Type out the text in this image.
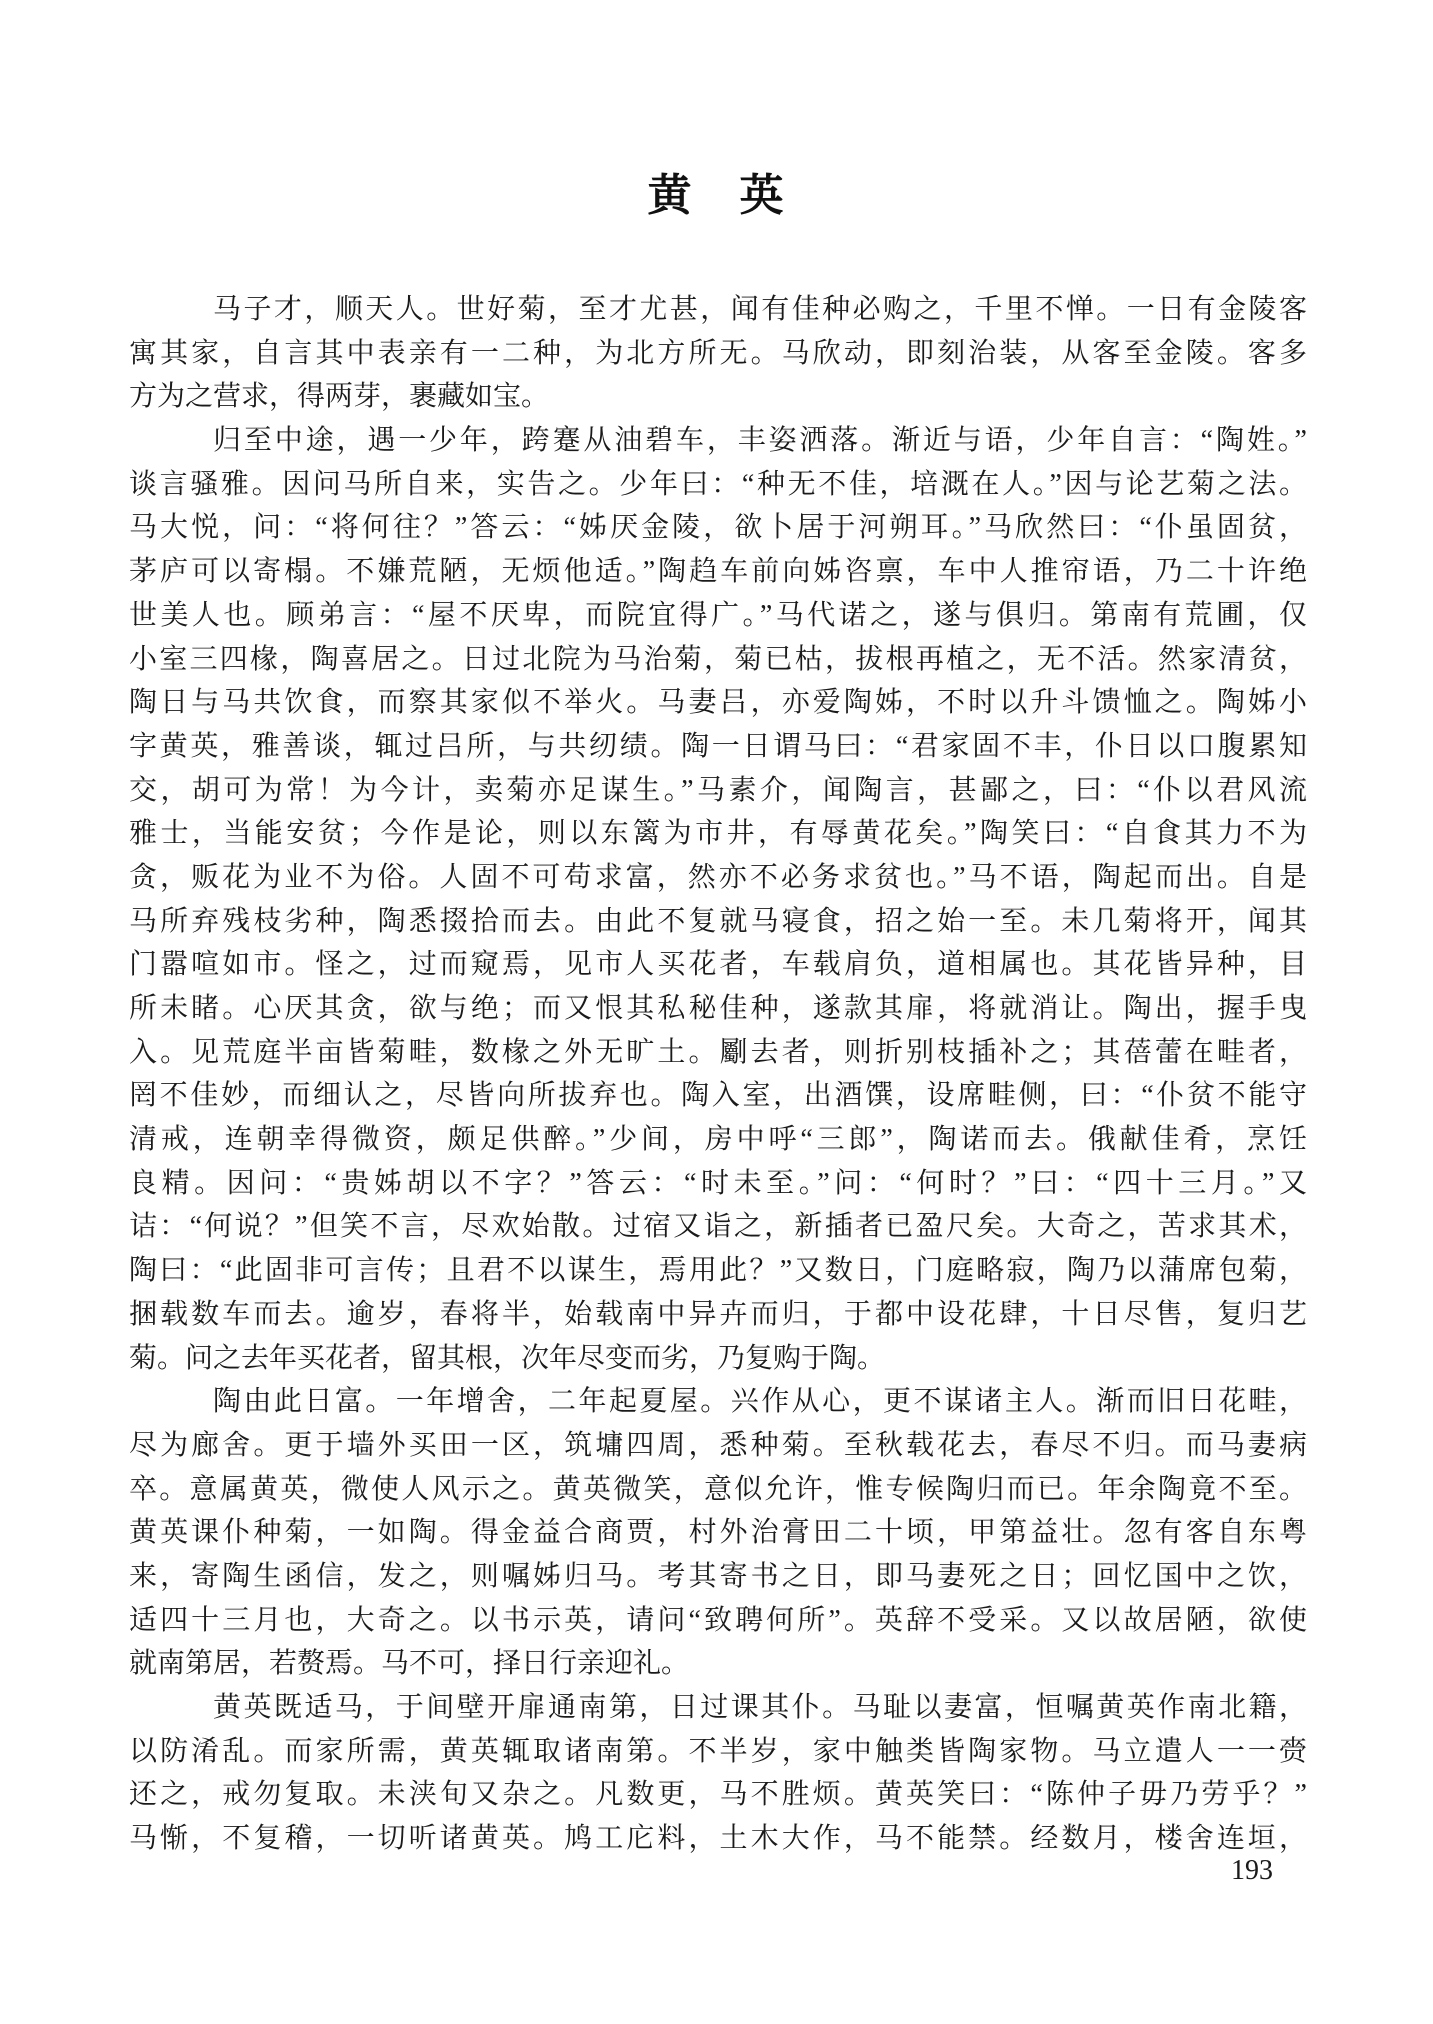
黄　英
马子才，顺天人。世好菊，至才尤甚，闻有佳种必购之，千里不惮。一日有金陵客
寓其家，自言其中表亲有一二种，为北方所无。马欣动，即刻治装，从客至金陵。客多
方为之营求，得两芽，裹藏如宝。
归至中途，遇一少年，跨蹇从油碧车，丰姿洒落。渐近与语，少年自言：“陶姓。”
谈言骚雅。因问马所自来，实告之。少年曰：“种无不佳，培溉在人。”因与论艺菊之法。
马大悦，问：“将何往？”答云：“姊厌金陵，欲卜居于河朔耳。”马欣然曰：“仆虽固贫，
茅庐可以寄榻。不嫌荒陋，无烦他适。”陶趋车前向姊咨禀，车中人推帘语，乃二十许绝
世美人也。顾弟言：“屋不厌卑，而院宜得广。”马代诺之，遂与俱归。第南有荒圃，仅
小室三四椽，陶喜居之。日过北院为马治菊，菊已枯，拔根再植之，无不活。然家清贫，
陶日与马共饮食，而察其家似不举火。马妻吕，亦爱陶姊，不时以升斗馈恤之。陶姊小
字黄英，雅善谈，辄过吕所，与共纫绩。陶一日谓马曰：“君家固不丰，仆日以口腹累知
交，胡可为常！为今计，卖菊亦足谋生。”马素介，闻陶言，甚鄙之，曰：“仆以君风流
雅士，当能安贫；今作是论，则以东篱为市井，有辱黄花矣。”陶笑曰：“自食其力不为
贪，贩花为业不为俗。人固不可苟求富，然亦不必务求贫也。”马不语，陶起而出。自是
马所弃残枝劣种，陶悉掇拾而去。由此不复就马寝食，招之始一至。未几菊将开，闻其
门嚣喧如市。怪之，过而窥焉，见市人买花者，车载肩负，道相属也。其花皆异种，目
所未睹。心厌其贪，欲与绝；而又恨其私秘佳种，遂款其扉，将就消让。陶出，握手曳
入。见荒庭半亩皆菊畦，数椽之外无旷土。劚去者，则折别枝插补之；其蓓蕾在畦者，
罔不佳妙，而细认之，尽皆向所拔弃也。陶入室，出酒馔，设席畦侧，曰：“仆贫不能守
清戒，连朝幸得微资，颇足供醉。”少间，房中呼“三郎”，陶诺而去。俄献佳肴，烹饪
良精。因问：“贵姊胡以不字？”答云：“时未至。”问：“何时？”曰：“四十三月。”又
诘：“何说？”但笑不言，尽欢始散。过宿又诣之，新插者已盈尺矣。大奇之，苦求其术，
陶曰：“此固非可言传；且君不以谋生，焉用此？”又数日，门庭略寂，陶乃以蒲席包菊，
捆载数车而去。逾岁，春将半，始载南中异卉而归，于都中设花肆，十日尽售，复归艺
菊。问之去年买花者，留其根，次年尽变而劣，乃复购于陶。
陶由此日富。一年增舍，二年起夏屋。兴作从心，更不谋诸主人。渐而旧日花畦，
尽为廊舍。更于墙外买田一区，筑墉四周，悉种菊。至秋载花去，春尽不归。而马妻病
卒。意属黄英，微使人风示之。黄英微笑，意似允许，惟专候陶归而已。年余陶竟不至。
黄英课仆种菊，一如陶。得金益合商贾，村外治膏田二十顷，甲第益壮。忽有客自东粤
来，寄陶生函信，发之，则嘱姊归马。考其寄书之日，即马妻死之日；回忆国中之饮，
适四十三月也，大奇之。以书示英，请问“致聘何所”。英辞不受采。又以故居陋，欲使
就南第居，若赘焉。马不可，择日行亲迎礼。
黄英既适马，于间壁开扉通南第，日过课其仆。马耻以妻富，恒嘱黄英作南北籍，
以防淆乱。而家所需，黄英辄取诸南第。不半岁，家中触类皆陶家物。马立遣人一一赍
还之，戒勿复取。未浃旬又杂之。凡数更，马不胜烦。黄英笑曰：“陈仲子毋乃劳乎？”
马惭，不复稽，一切听诸黄英。鸠工庀料，土木大作，马不能禁。经数月，楼舍连垣，
193
